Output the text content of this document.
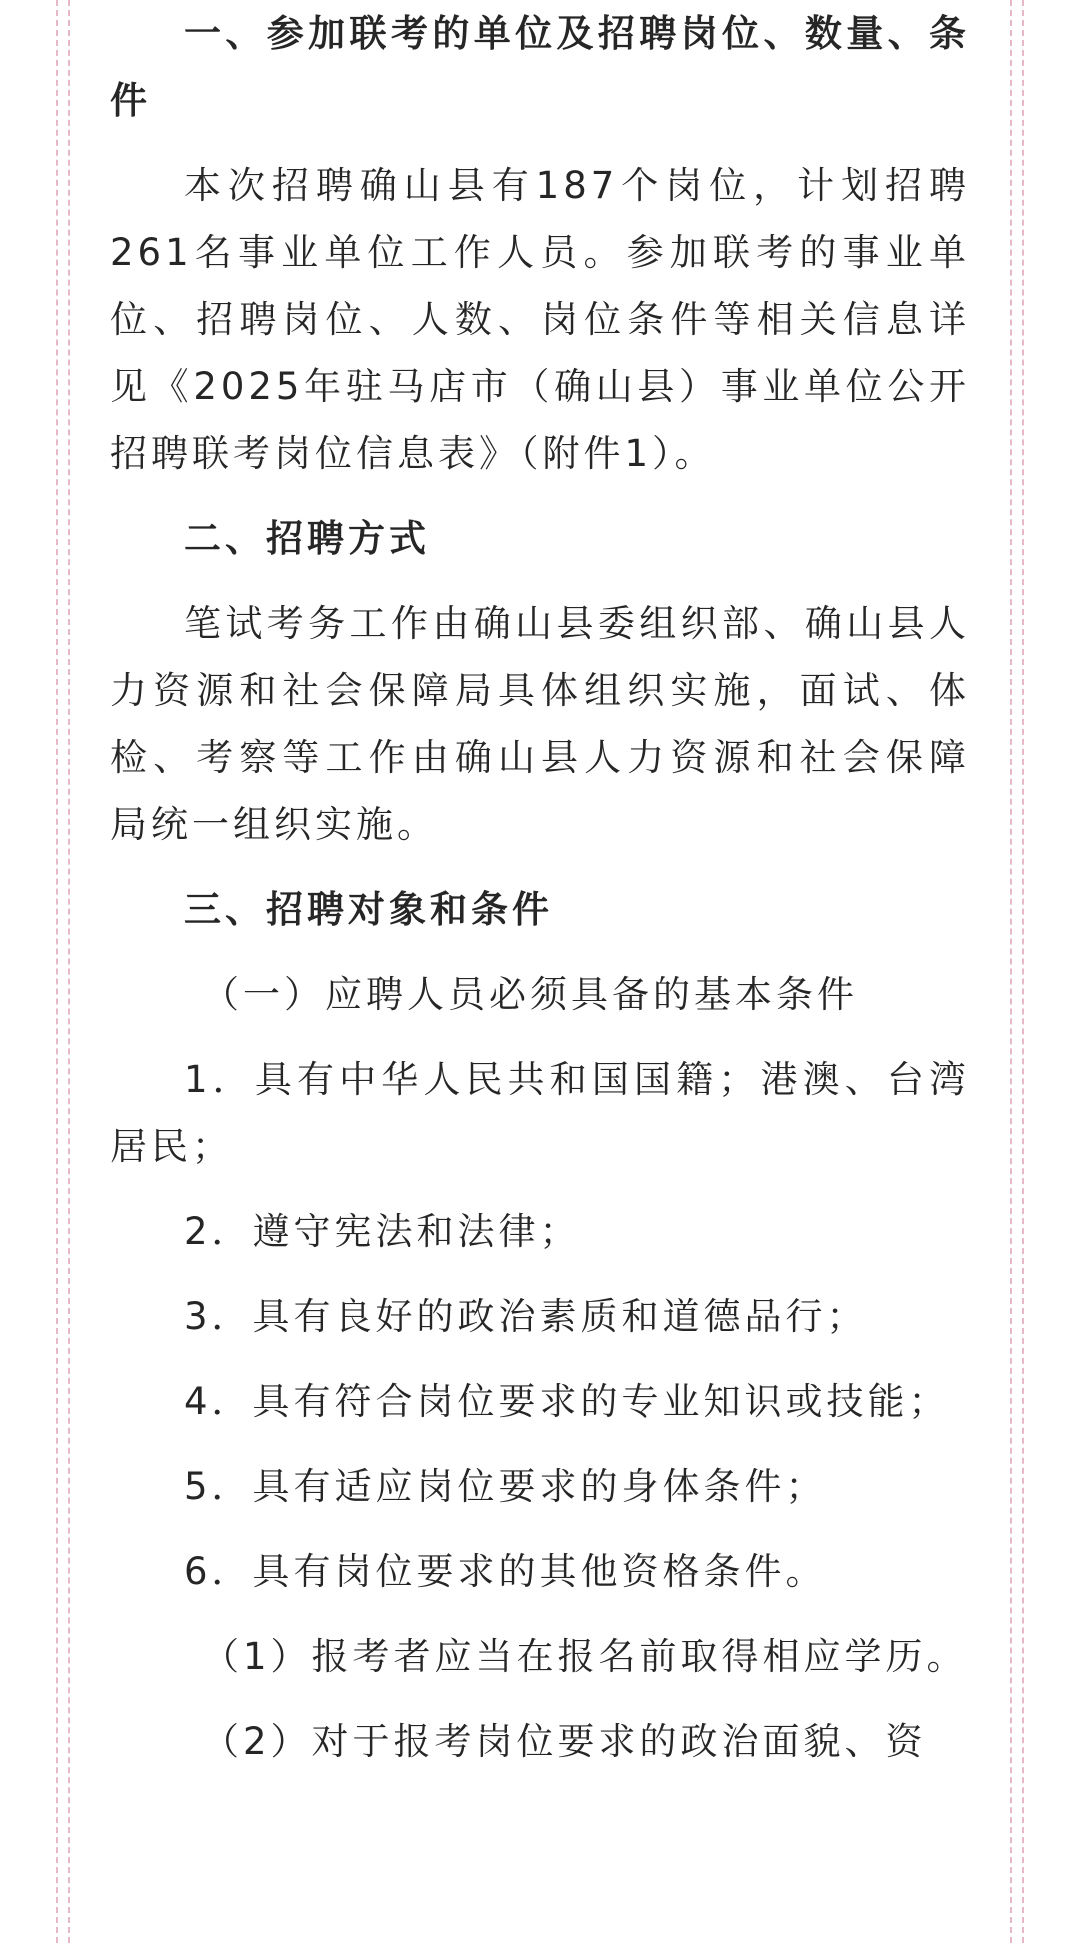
一、参加联考的单位及招聘岗位、数量、条件

本次招聘确山县有187个岗位，计划招聘261名事业单位工作人员。参加联考的事业单位、招聘岗位、人数、岗位条件等相关信息详见《2025年驻马店市（确山县）事业单位公开招聘联考岗位信息表》（附件1）。

二、招聘方式

笔试考务工作由确山县委组织部、确山县人力资源和社会保障局具体组织实施，面试、体检、考察等工作由确山县人力资源和社会保障局统一组织实施。

三、招聘对象和条件

（一）应聘人员必须具备的基本条件

1．具有中华人民共和国国籍；港澳、台湾居民；

2．遵守宪法和法律；

3．具有良好的政治素质和道德品行；

4．具有符合岗位要求的专业知识或技能；

5．具有适应岗位要求的身体条件；

6．具有岗位要求的其他资格条件。

（1）报考者应当在报名前取得相应学历。

（2）对于报考岗位要求的政治面貌、资
